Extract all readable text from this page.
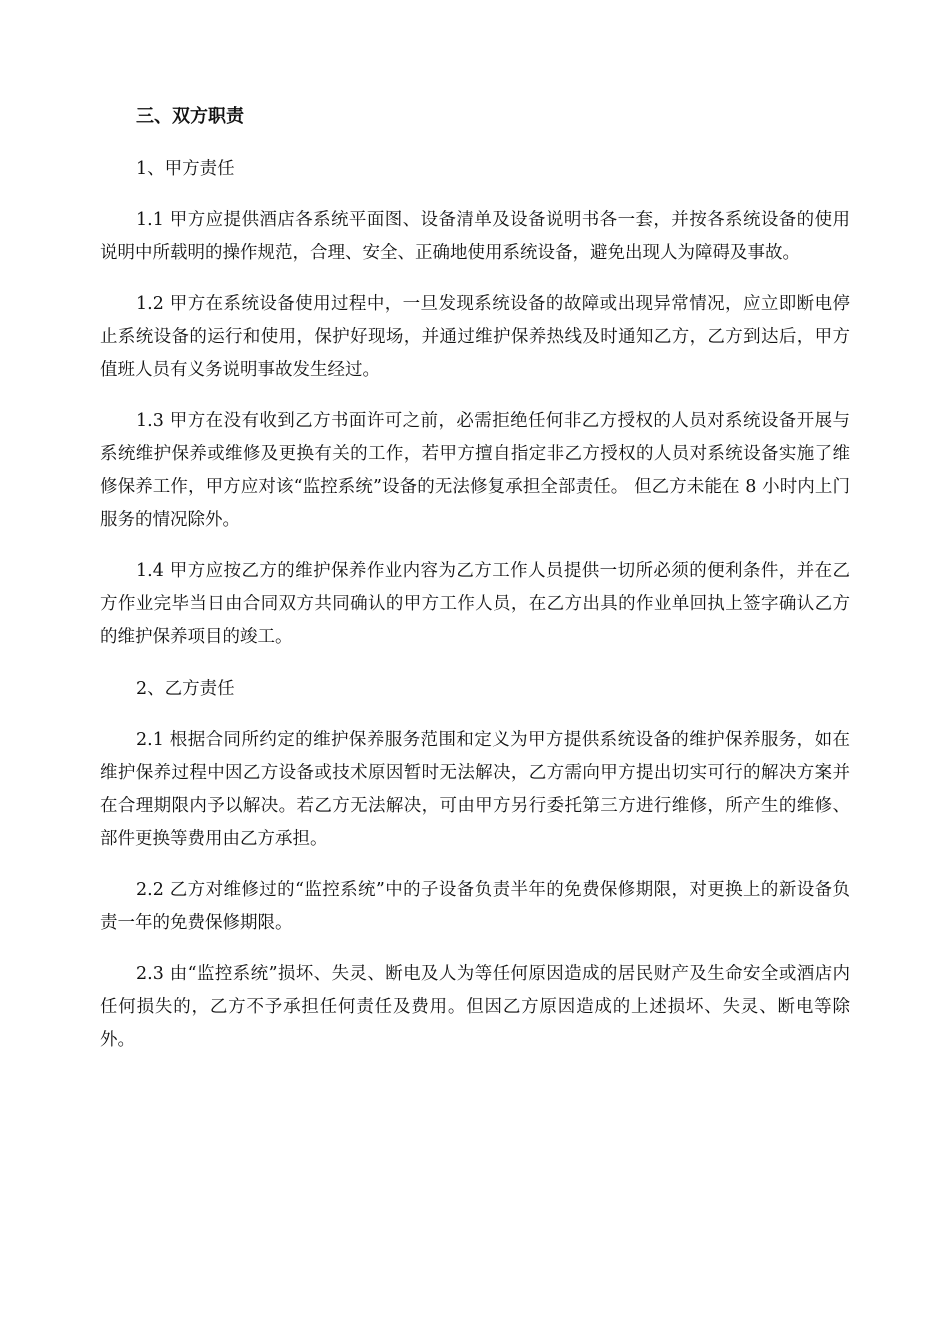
三、双方职责
1、甲方责任

1.1 甲方应提供酒店各系统平面图、设备清单及设备说明书各一套，并按各系统设备的使用说明中所载明的操作规范，合理、安全、正确地使用系统设备，避免出现人为障碍及事故。

1.2 甲方在系统设备使用过程中，一旦发现系统设备的故障或出现异常情况，应立即断电停止系统设备的运行和使用，保护好现场，并通过维护保养热线及时通知乙方，乙方到达后，甲方值班人员有义务说明事故发生经过。

1.3 甲方在没有收到乙方书面许可之前，必需拒绝任何非乙方授权的人员对系统设备开展与系统维护保养或维修及更换有关的工作，若甲方擅自指定非乙方授权的人员对系统设备实施了维修保养工作，甲方应对该“监控系统”设备的无法修复承担全部责任。 但乙方未能在 8 小时内上门服务的情况除外。

1.4 甲方应按乙方的维护保养作业内容为乙方工作人员提供一切所必须的便利条件，并在乙方作业完毕当日由合同双方共同确认的甲方工作人员，在乙方出具的作业单回执上签字确认乙方的维护保养项目的竣工。

2、乙方责任

2.1 根据合同所约定的维护保养服务范围和定义为甲方提供系统设备的维护保养服务，如在维护保养过程中因乙方设备或技术原因暂时无法解决，乙方需向甲方提出切实可行的解决方案并在合理期限内予以解决。若乙方无法解决，可由甲方另行委托第三方进行维修，所产生的维修、部件更换等费用由乙方承担。

2.2 乙方对维修过的“监控系统”中的子设备负责半年的免费保修期限，对更换上的新设备负责一年的免费保修期限。

2.3 由“监控系统”损坏、失灵、断电及人为等任何原因造成的居民财产及生命安全或酒店内任何损失的，乙方不予承担任何责任及费用。但因乙方原因造成的上述损坏、失灵、断电等除外。
